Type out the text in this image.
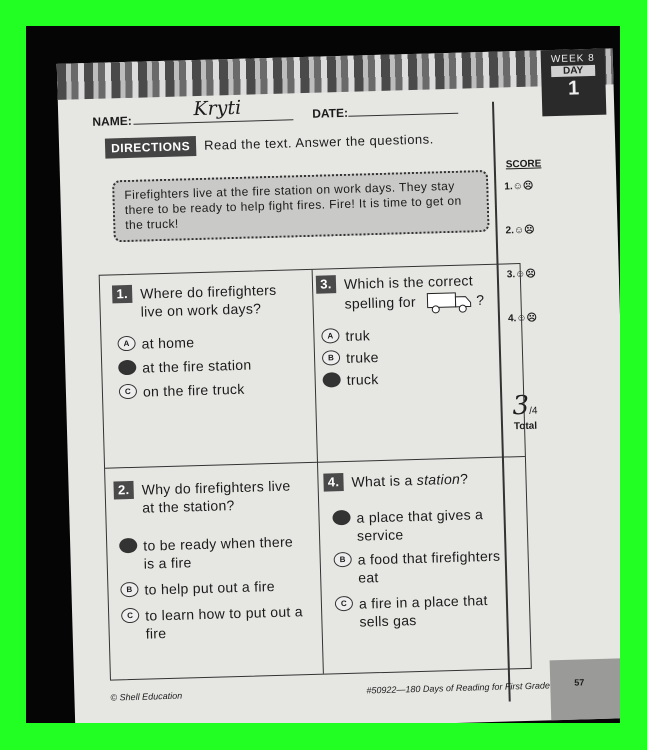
WEEK 8
DAY
1
NAME:
Kryti	DATE:
DIRECTIONS Read the text. Answer the questions.
Firefighters live at the fire station on work days. They stay there to be ready to help fight fires. Fire! It is time to get on the truck!
SCORE
1.☺☹
2.☺☹
3.☺☹
4.☺☹
3/4
Total
1. Where do firefighters live on work days?
A at home
B at the fire station
C on the fire truck
3. Which is the correct
spelling for	?
A truk
B truke
C truck
2. Why do firefighters live at the station?
A to be ready when there is a fire
B to help put out a fire
C to learn how to put out a fire
4. What is a station?
A a place that gives a service
B a food that firefighters eat
C a fire in a place that sells gas
© Shell Education
#50922—180 Days of Reading for First Grade	57
